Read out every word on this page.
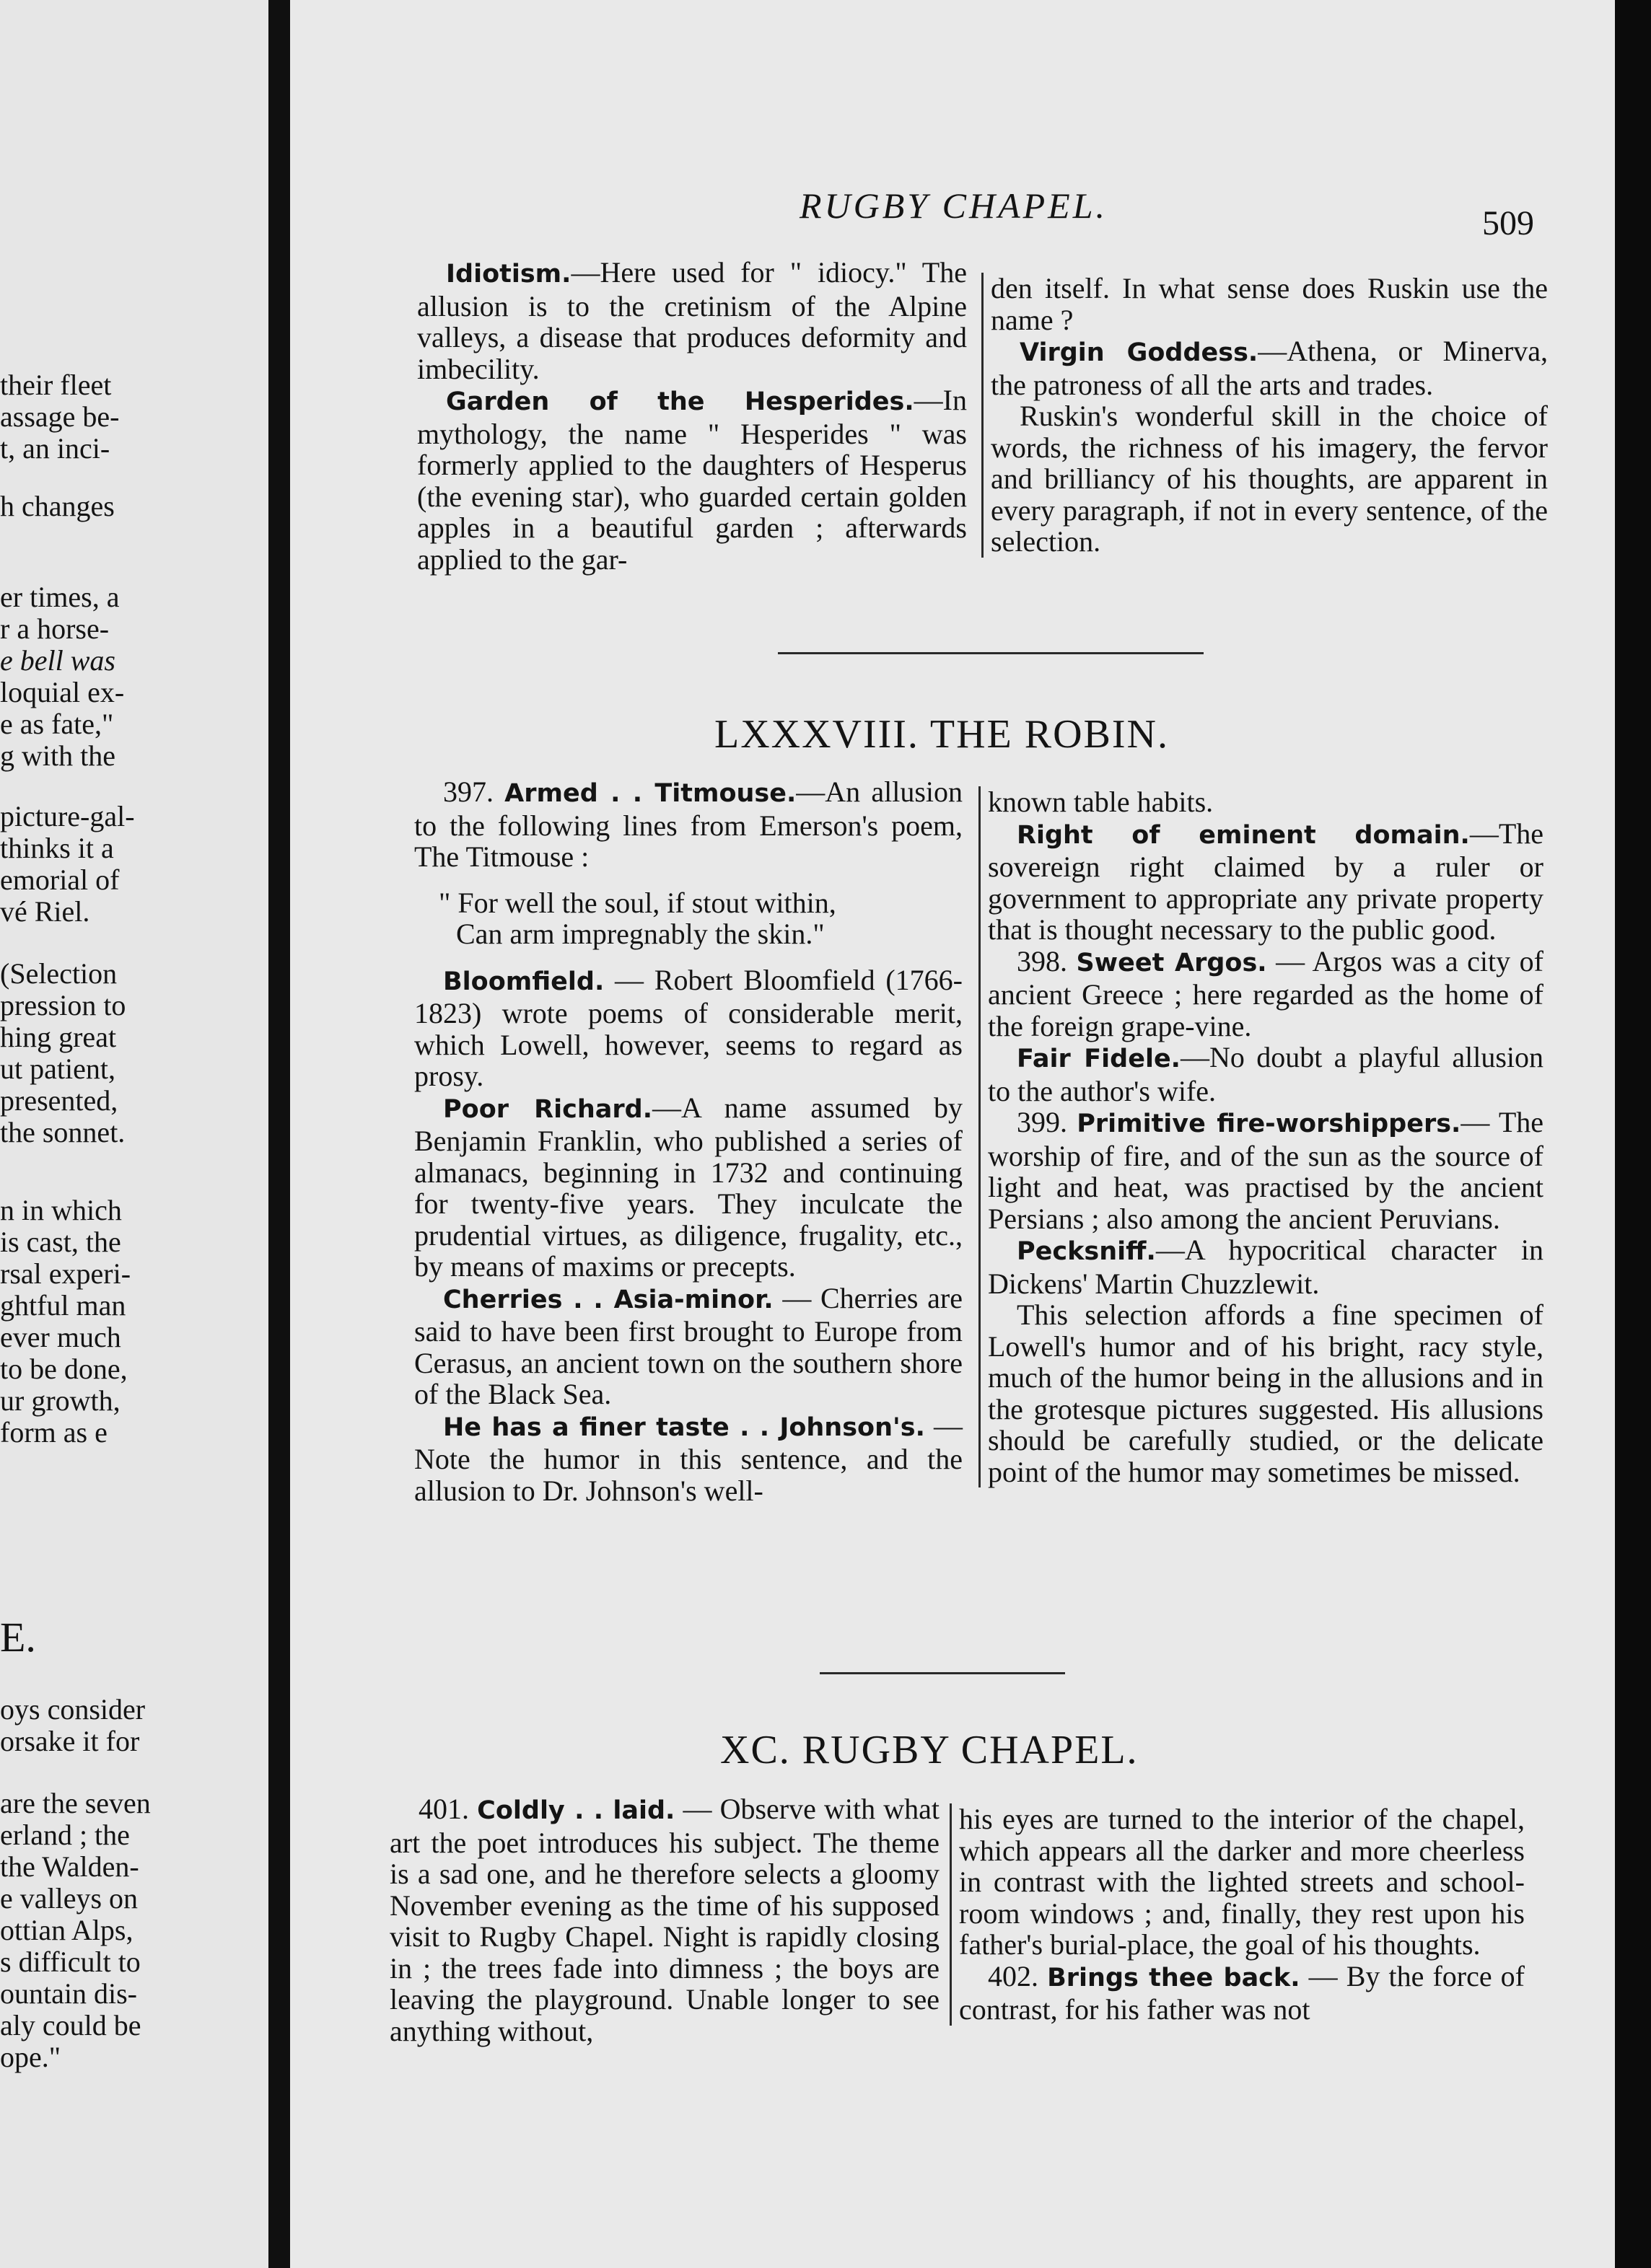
their fleet
assage be-
t, an inci-
h changes
er times, a
r a horse-
e bell was
loquial ex-
e as fate,"
g with the
picture-gal-
thinks it a
emorial of
vé Riel.
(Selection
pression to
hing great
ut patient,
presented,
the sonnet.
n in which
is cast, the
rsal experi-
ghtful man
ever much
to be done,
ur growth,
form as e
E.
oys consider
orsake it for
are the seven
erland ; the
the Walden-
e valleys on
ottian Alps,
s difficult to
ountain dis-
aly could be
ope."
RUGBY CHAPEL.	509

Idiotism.—Here used for " idiocy." The allusion is to the cretinism of the Alpine valleys, a disease that produces deformity and imbecility.

Garden of the Hesperides.—In mythology, the name " Hesperides " was formerly applied to the daughters of Hesperus (the evening star), who guarded certain golden apples in a beautiful garden ; afterwards applied to the gar-

den itself. In what sense does Ruskin use the name ?

Virgin Goddess.—Athena, or Minerva, the patroness of all the arts and trades.

Ruskin's wonderful skill in the choice of words, the richness of his imagery, the fervor and brilliancy of his thoughts, are apparent in every paragraph, if not in every sentence, of the selection.

LXXXVIII. THE ROBIN.

397. Armed . . Titmouse.—An allusion to the following lines from Emerson's poem, The Titmouse :

" For well the soul, if stout within,
Can arm impregnably the skin."

Bloomfield. — Robert Bloomfield (1766-1823) wrote poems of considerable merit, which Lowell, however, seems to regard as prosy.

Poor Richard.—A name assumed by Benjamin Franklin, who published a series of almanacs, beginning in 1732 and continuing for twenty-five years. They inculcate the prudential virtues, as diligence, frugality, etc., by means of maxims or precepts.

Cherries . . Asia-minor. — Cherries are said to have been first brought to Europe from Cerasus, an ancient town on the southern shore of the Black Sea.

He has a finer taste . . Johnson's. —Note the humor in this sentence, and the allusion to Dr. Johnson's well-

known table habits.

Right of eminent domain.—The sovereign right claimed by a ruler or government to appropriate any private property that is thought necessary to the public good.

398. Sweet Argos. — Argos was a city of ancient Greece ; here regarded as the home of the foreign grape-vine.

Fair Fidele.—No doubt a playful allusion to the author's wife.

399. Primitive fire-worshippers.— The worship of fire, and of the sun as the source of light and heat, was practised by the ancient Persians ; also among the ancient Peruvians.

Pecksniff.—A hypocritical character in Dickens' Martin Chuzzlewit.

This selection affords a fine specimen of Lowell's humor and of his bright, racy style, much of the humor being in the allusions and in the grotesque pictures suggested. His allusions should be carefully studied, or the delicate point of the humor may sometimes be missed.

XC. RUGBY CHAPEL.

401. Coldly . . laid. — Observe with what art the poet introduces his subject. The theme is a sad one, and he therefore selects a gloomy November evening as the time of his supposed visit to Rugby Chapel. Night is rapidly closing in ; the trees fade into dimness ; the boys are leaving the playground. Unable longer to see anything without,

his eyes are turned to the interior of the chapel, which appears all the darker and more cheerless in contrast with the lighted streets and school-room windows ; and, finally, they rest upon his father's burial-place, the goal of his thoughts.

402. Brings thee back. — By the force of contrast, for his father was not
